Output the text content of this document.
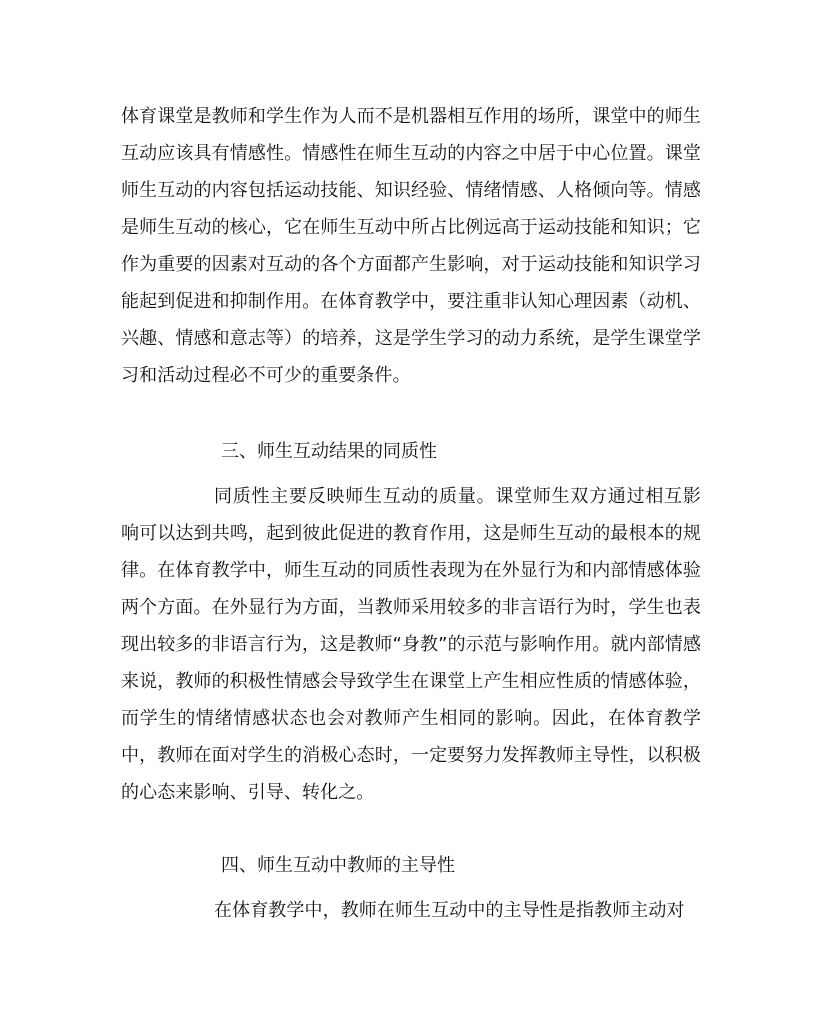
体育课堂是教师和学生作为人而不是机器相互作用的场所，课堂中的师生互动应该具有情感性。情感性在师生互动的内容之中居于中心位置。课堂师生互动的内容包括运动技能、知识经验、情绪情感、人格倾向等。情感是师生互动的核心，它在师生互动中所占比例远高于运动技能和知识；它作为重要的因素对互动的各个方面都产生影响，对于运动技能和知识学习能起到促进和抑制作用。在体育教学中，要注重非认知心理因素（动机、兴趣、情感和意志等）的培养，这是学生学习的动力系统，是学生课堂学习和活动过程必不可少的重要条件。

三、师生互动结果的同质性

同质性主要反映师生互动的质量。课堂师生双方通过相互影响可以达到共鸣，起到彼此促进的教育作用，这是师生互动的最根本的规律。在体育教学中，师生互动的同质性表现为在外显行为和内部情感体验两个方面。在外显行为方面，当教师采用较多的非言语行为时，学生也表现出较多的非语言行为，这是教师“身教”的示范与影响作用。就内部情感来说，教师的积极性情感会导致学生在课堂上产生相应性质的情感体验，而学生的情绪情感状态也会对教师产生相同的影响。因此，在体育教学中，教师在面对学生的消极心态时，一定要努力发挥教师主导性，以积极的心态来影响、引导、转化之。

四、师生互动中教师的主导性

在体育教学中，教师在师生互动中的主导性是指教师主动对
